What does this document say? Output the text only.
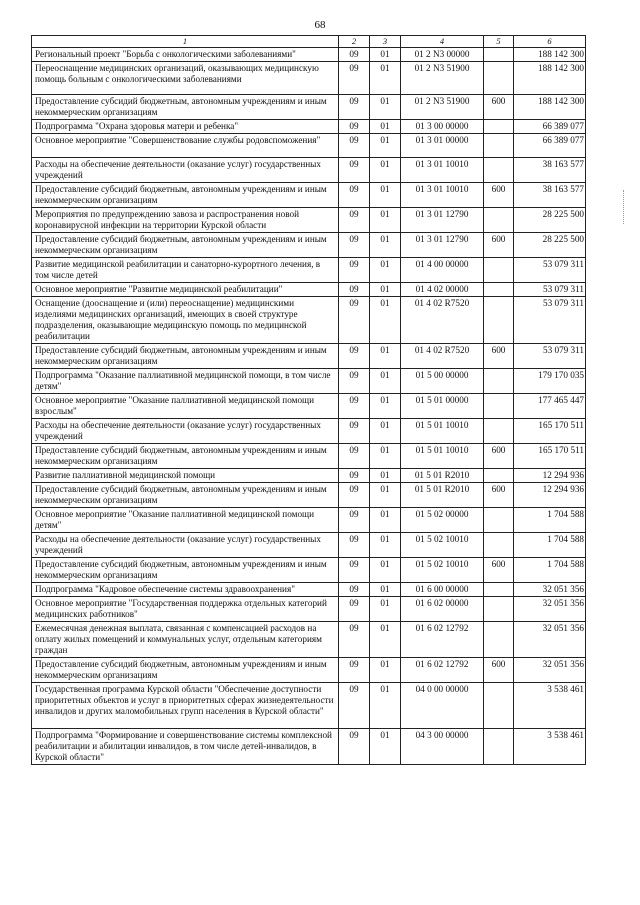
68
1	2	3	4	5	6
Региональный проект "Борьба с онкологическими заболеваниями"	09	01	01 2 N3 00000		188 142 300
Переоснащение медицинских организаций, оказывающих медицинскую помощь больным с онкологическими заболеваниями	09	01	01 2 N3 51900		188 142 300
Предоставление субсидий бюджетным, автономным учреждениям и иным некоммерческим организациям	09	01	01 2 N3 51900	600	188 142 300
Подпрограмма "Охрана здоровья матери и ребенка"	09	01	01 3 00 00000		66 389 077
Основное мероприятие "Совершенствование службы родовспоможения"	09	01	01 3 01 00000		66 389 077
Расходы на обеспечение деятельности (оказание услуг) государственных учреждений	09	01	01 3 01 10010		38 163 577
Предоставление субсидий бюджетным, автономным учреждениям и иным некоммерческим организациям	09	01	01 3 01 10010	600	38 163 577
Мероприятия по предупреждению завоза и распространения новой коронавирусной инфекции на территории Курской области	09	01	01 3 01 12790		28 225 500
Предоставление субсидий бюджетным, автономным учреждениям и иным некоммерческим организациям	09	01	01 3 01 12790	600	28 225 500
Развитие медицинской реабилитации и санаторно-курортного лечения, в том числе детей	09	01	01 4 00 00000		53 079 311
Основное мероприятие "Развитие медицинской реабилитации"	09	01	01 4 02 00000		53 079 311
Оснащение (дооснащение и (или) переоснащение) медицинскими изделиями медицинских организаций, имеющих в своей структуре подразделения, оказывающие медицинскую помощь по медицинской реабилитации	09	01	01 4 02 R7520		53 079 311
Предоставление субсидий бюджетным, автономным учреждениям и иным некоммерческим организациям	09	01	01 4 02 R7520	600	53 079 311
Подпрограмма "Оказание паллиативной медицинской помощи, в том числе детям"	09	01	01 5 00 00000		179 170 035
Основное мероприятие "Оказание паллиативной медицинской помощи взрослым"	09	01	01 5 01 00000		177 465 447
Расходы на обеспечение деятельности (оказание услуг) государственных учреждений	09	01	01 5 01 10010		165 170 511
Предоставление субсидий бюджетным, автономным учреждениям и иным некоммерческим организациям	09	01	01 5 01 10010	600	165 170 511
Развитие паллиативной медицинской помощи	09	01	01 5 01 R2010		12 294 936
Предоставление субсидий бюджетным, автономным учреждениям и иным некоммерческим организациям	09	01	01 5 01 R2010	600	12 294 936
Основное мероприятие "Оказание паллиативной медицинской помощи детям"	09	01	01 5 02 00000		1 704 588
Расходы на обеспечение деятельности (оказание услуг) государственных учреждений	09	01	01 5 02 10010		1 704 588
Предоставление субсидий бюджетным, автономным учреждениям и иным некоммерческим организациям	09	01	01 5 02 10010	600	1 704 588
Подпрограмма "Кадровое обеспечение системы здравоохранения"	09	01	01 6 00 00000		32 051 356
Основное мероприятие "Государственная поддержка отдельных категорий медицинских работников"	09	01	01 6 02 00000		32 051 356
Ежемесячная денежная выплата, связанная с компенсацией расходов на оплату жилых помещений и коммунальных услуг, отдельным категориям граждан	09	01	01 6 02 12792		32 051 356
Предоставление субсидий бюджетным, автономным учреждениям и иным некоммерческим организациям	09	01	01 6 02 12792	600	32 051 356
Государственная программа Курской области "Обеспечение доступности приоритетных объектов и услуг в приоритетных сферах жизнедеятельности инвалидов и других маломобильных групп населения в Курской области"	09	01	04 0 00 00000		3 538 461
Подпрограмма "Формирование и совершенствование системы комплексной реабилитации и абилитации инвалидов, в том числе детей-инвалидов, в Курской области"	09	01	04 3 00 00000		3 538 461
